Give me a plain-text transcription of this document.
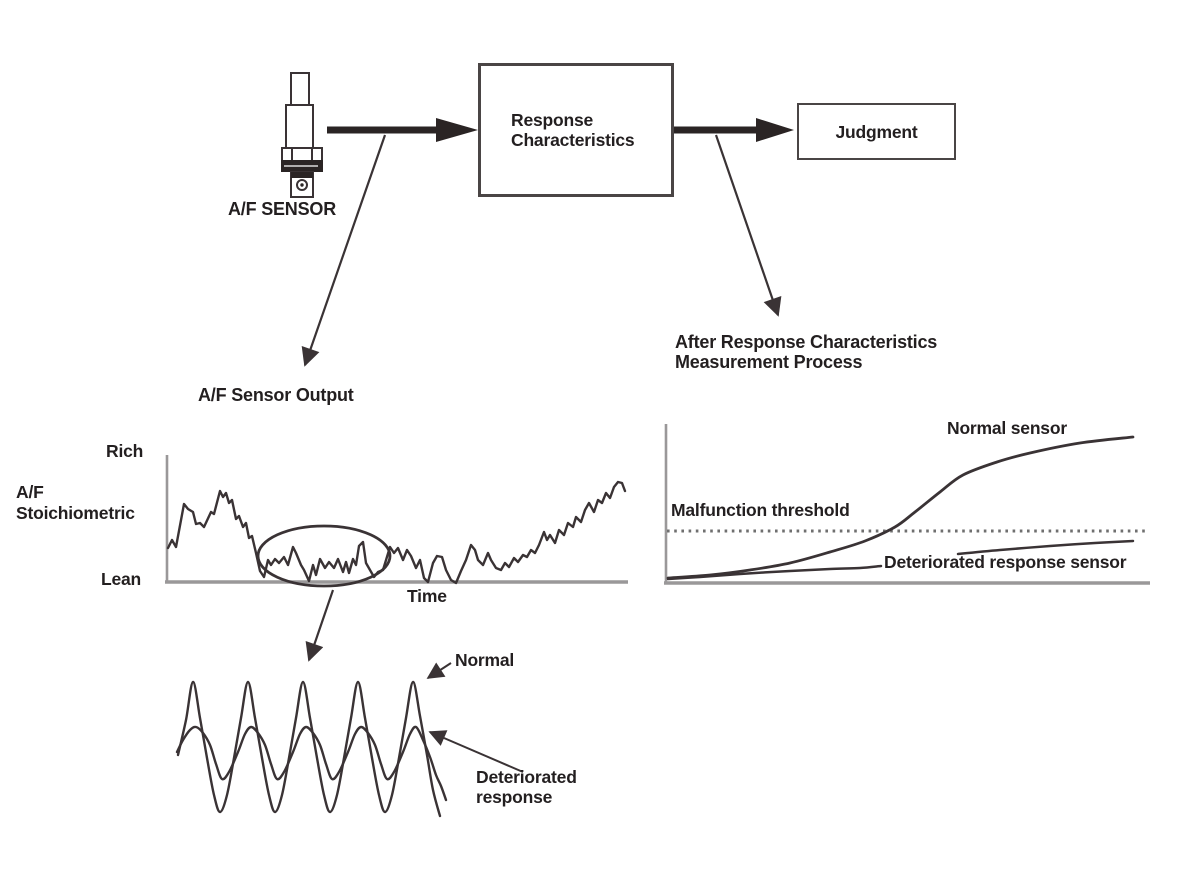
A/F SENSOR
Response
Characteristics	Judgment
After Response Characteristics
Measurement Process
A/F Sensor Output
Rich
A/F
Stoichiometric
Lean
Time
Normal sensor
Malfunction threshold
Deteriorated response sensor
Normal
Deteriorated
response
